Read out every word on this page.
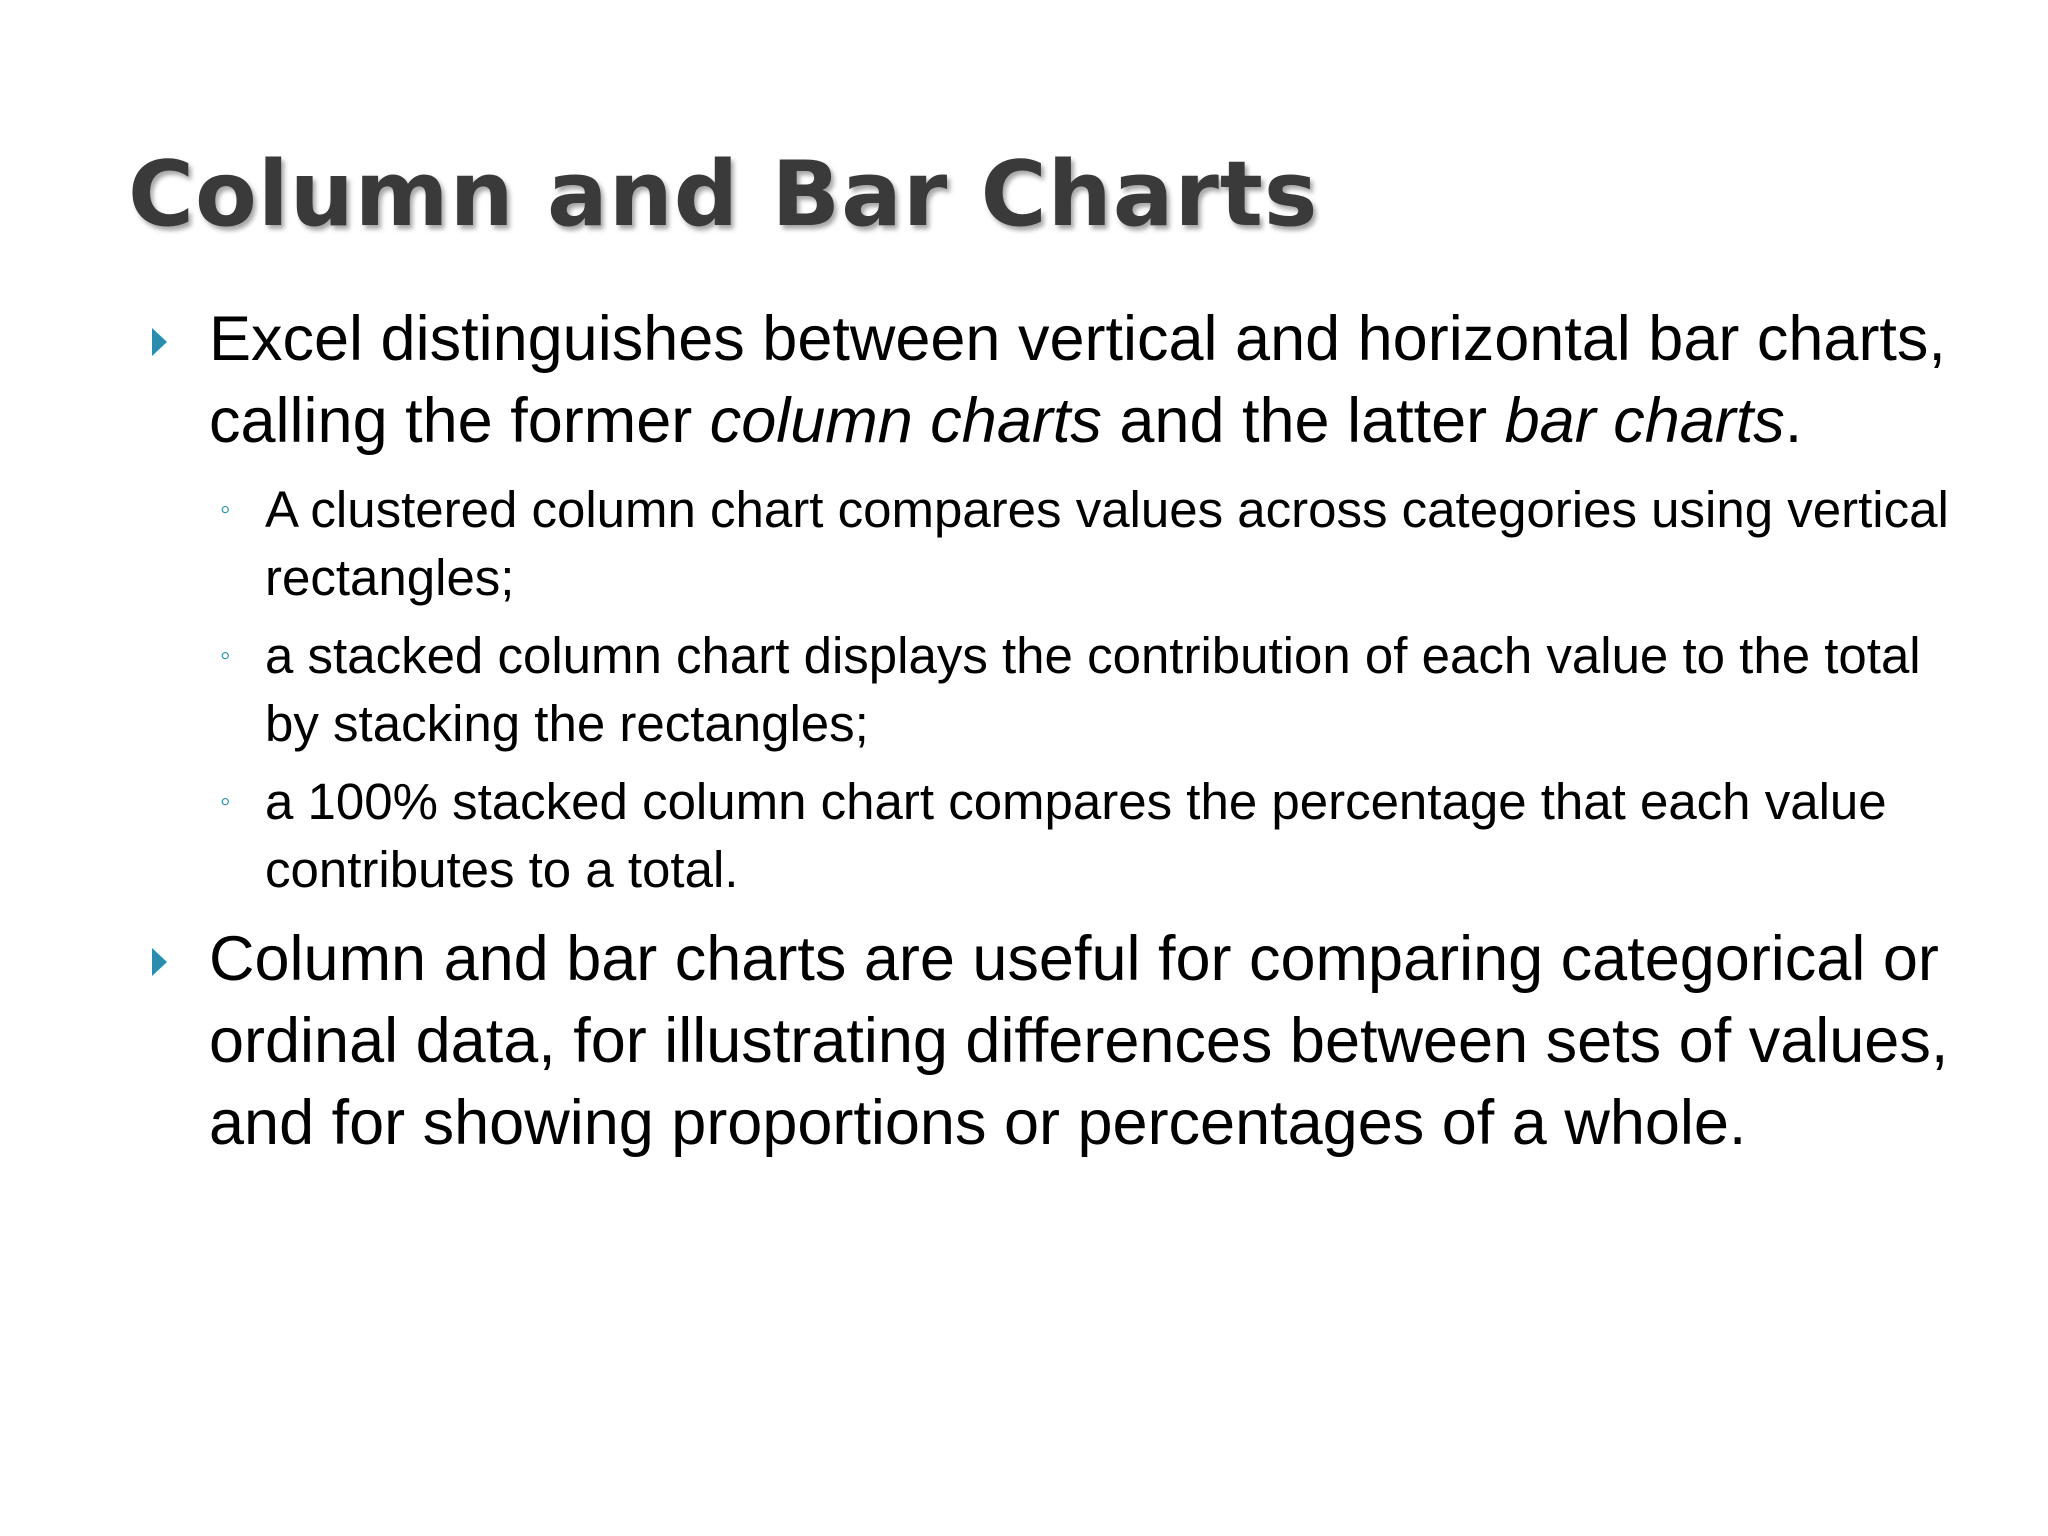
Column and Bar Charts
Excel distinguishes between vertical and horizontal bar charts, calling the former column charts and the latter bar charts.
◦ A clustered column chart compares values across categories using vertical rectangles;
◦ a stacked column chart displays the contribution of each value to the total by stacking the rectangles;
◦ a 100% stacked column chart compares the percentage that each value contributes to a total.
Column and bar charts are useful for comparing categorical or ordinal data, for illustrating differences between sets of values, and for showing proportions or percentages of a whole.
